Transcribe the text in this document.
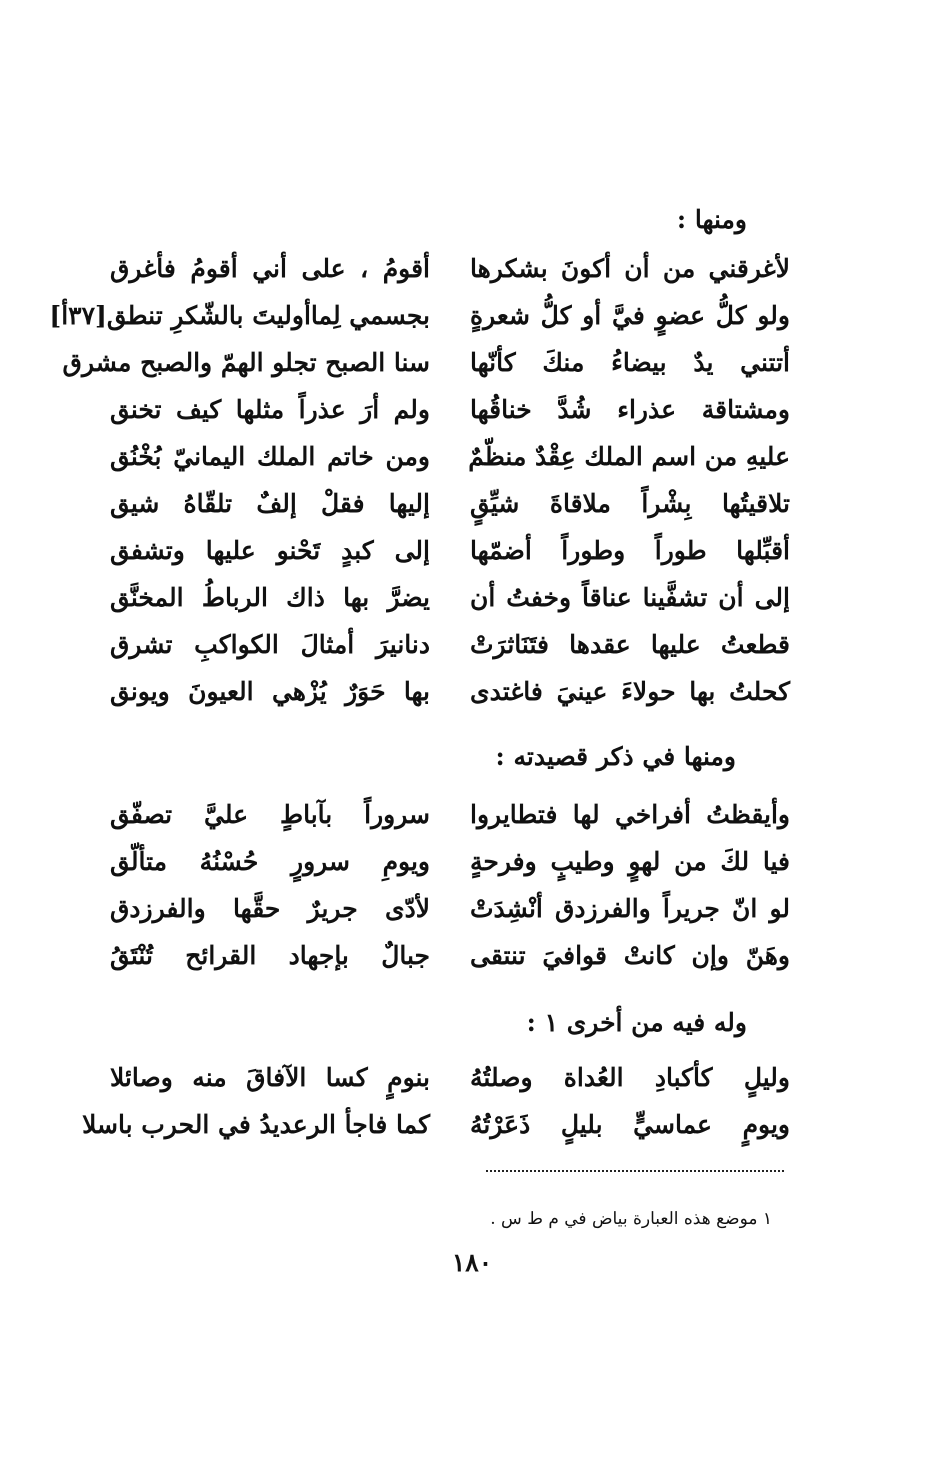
ومنها :
لأغرقني من أن أكونَ بشكرها
أقومُ ، على أني أقومُ فأغرق
ولو كلُّ عضوٍ فيَّ أو كلُّ شعرةٍ
بجسمي لِماأوليتَ بالشّكرِ تنطق[٣٧أ]
أتتني يدٌ بيضاءُ منكَ كأنّها
سنا الصبح تجلو الهمّ والصبح مشرق
ومشتاقة عذراء شُدَّ خناقُها
ولم أرَ عذراً مثلها كيف تخنق
عليهِ من اسم الملك عِقْدٌ منظّمٌ
ومن خاتم الملك اليمانيّ بُخْنُق
تلاقيتُها بِشْراً ملاقاةَ شيِّقٍ
إليها فقلْ إلفٌ تلقّاهُ شيق
أقبِّلها طوراً وطوراً أضمّها
إلى كبدٍ تَحْنو عليها وتشفق
إلى أن تشفَّينا عناقاً وخفتُ أن
يضرَّ بها ذاك الرباطُ المخنَّق
قطعتُ عليها عقدها فتَنَاثرَتْ
دنانيرَ أمثالَ الكواكبِ تشرق
كحلتُ بها حولاءَ عينيَ فاغتدى
بها حَوَرٌ يُزْهي العيونَ ويونق
ومنها في ذكر قصيدته :
وأيقظتُ أفراخي لها فتطايروا
سروراً بآباطٍ عليَّ تصفّق
فيا لكَ من لهوٍ وطيبٍ وفرحةٍ
ويومِ سرورٍ حُسْنُهُ متألّق
لو انّ جريراً والفرزدق أنْشِدَتْ
لأدّى جريرٌ حقَّها والفرزدق
وهَنّ وإن كانتْ قوافيَ تنتقى
جبالٌ بإجهاد القرائح تُنْتَقُ
وله فيه من أخرى ١ :
وليلٍ كأكبادِ العُداة وصلتُهُ
بنومٍ كسا الآفاقَ منه وصائلا
ويومٍ عماسيٍّ بليلٍ ذَعَرْتُهُ
كما فاجأ الرعديدُ في الحرب باسلا
١ موضع هذه العبارة بياض في م ط س .
١٨٠
